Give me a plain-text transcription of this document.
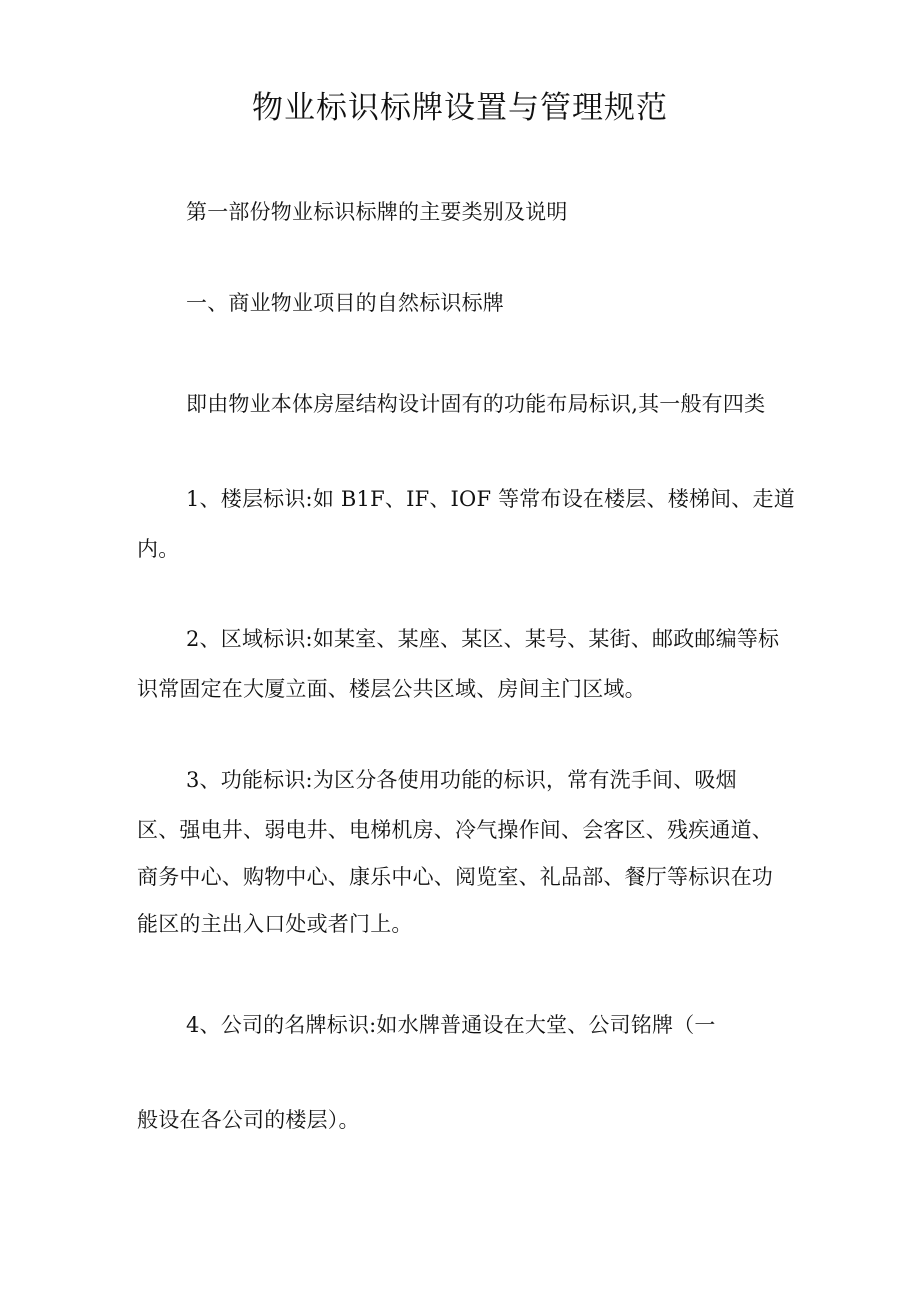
物业标识标牌设置与管理规范
第一部份物业标识标牌的主要类别及说明
一、商业物业项目的自然标识标牌
即由物业本体房屋结构设计固有的功能布局标识,其一般有四类
1、楼层标识:如 B1F、IF、IOF 等常布设在楼层、楼梯间、走道
内。
2、区域标识:如某室、某座、某区、某号、某街、邮政邮编等标
识常固定在大厦立面、楼层公共区域、房间主门区域。
3、功能标识:为区分各使用功能的标识，常有洗手间、吸烟
区、强电井、弱电井、电梯机房、冷气操作间、会客区、残疾通道、
商务中心、购物中心、康乐中心、阅览室、礼品部、餐厅等标识在功
能区的主出入口处或者门上。
4、公司的名牌标识:如水牌普通设在大堂、公司铭牌（一
般设在各公司的楼层）。
